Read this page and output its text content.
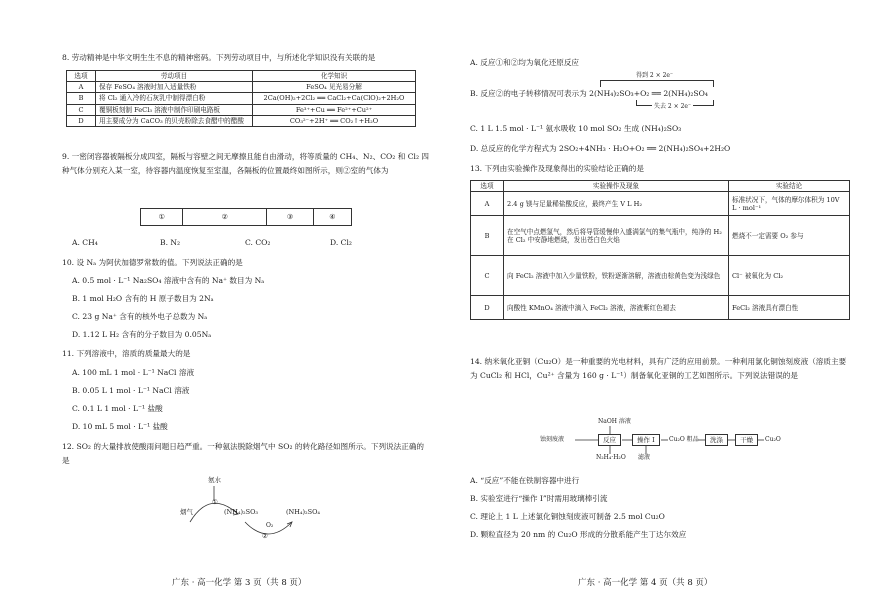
8. 劳动精神是中华文明生生不息的精神密码。下列劳动项目中，与所述化学知识没有关联的是
选项	劳动项目	化学知识
A	保存 FeSO₄ 溶液时加入适量铁粉	FeSO₄ 见光易分解
B	将 Cl₂ 通入冷的石灰乳中制得漂白粉	2Ca(OH)₂+2Cl₂ ══ CaCl₂+Ca(ClO)₂+2H₂O
C	覆铜板刻制 FeCl₃ 溶液中制作印刷电路板	Fe³⁺+Cu ══ Fe²⁺+Cu²⁺
D	用主要成分为 CaCO₃ 的贝壳粉除去食醋中的醋酸	CO₃²⁻+2H⁺ ══ CO₂↑+H₂O
9. 一密闭容器被隔板分成四室，隔板与容壁之间无摩擦且能自由滑动，将等质量的 CH₄、N₂、CO₂ 和 Cl₂ 四种气体分别充入某一室，待容器内温度恢复至室温，各隔板的位置最终如图所示，则②室的气体为
①	②	③	④
A. CH₄	B. N₂	C. CO₂	D. Cl₂
10. 设 Nₐ 为阿伏加德罗常数的值。下列说法正确的是
A. 0.5 mol · L⁻¹ Na₂SO₄ 溶液中含有的 Na⁺ 数目为 Nₐ
B. 1 mol H₂O 含有的 H 原子数目为 2Nₐ
C. 23 g Na⁺ 含有的核外电子总数为 Nₐ
D. 1.12 L H₂ 含有的分子数目为 0.05Nₐ
11. 下列溶液中，溶质的质量最大的是
A. 100 mL 1 mol · L⁻¹ NaCl 溶液
B. 0.05 L 1 mol · L⁻¹ NaCl 溶液
C. 0.1 L 1 mol · L⁻¹ 盐酸
D. 10 mL 5 mol · L⁻¹ 盐酸
12. SO₂ 的大量排放使酸雨问题日趋严重。一种氨法脱除烟气中 SO₂ 的转化路径如图所示。下列说法正确的是
氨水
烟气	(NH₄)₂SO₃	(NH₄)₂SO₄
①
②
O₂
广东 · 高一化学 第 3 页（共 8 页）
A. 反应①和②均为氧化还原反应
得到 2 × 2e⁻
B. 反应②的电子转移情况可表示为 2(NH₄)₂SO₃+O₂ ══ 2(NH₄)₂SO₄
失去 2 × 2e⁻
C. 1 L 1.5 mol · L⁻¹ 氨水吸收 10 mol SO₂ 生成 (NH₄)₂SO₃
D. 总反应的化学方程式为 2SO₂+4NH₃ · H₂O+O₂ ══ 2(NH₄)₂SO₄+2H₂O
13. 下列由实验操作及现象得出的实验结论正确的是
选项	实验操作及现象	实验结论
A	2.4 g 镁与足量稀盐酸反应，最终产生 V L H₂	标准状况下，气体的摩尔体积为 10V L · mol⁻¹
B	在空气中点燃氢气，然后将导管缓慢伸入盛满氯气的集气瓶中，纯净的 H₂ 在 Cl₂ 中安静地燃烧，发出苍白色火焰	燃烧不一定需要 O₂ 参与
C	向 FeCl₂ 溶液中加入少量铁粉，铁粉逐渐溶解，溶液由棕黄色变为浅绿色	Cl⁻ 被氧化为 Cl₂
D	向酸性 KMnO₄ 溶液中滴入 FeCl₂ 溶液，溶液紫红色褪去	FeCl₂ 溶液具有漂白性
14. 纳米氧化亚铜（Cu₂O）是一种重要的光电材料，具有广泛的应用前景。一种利用氯化铜蚀刻废液（溶质主要为 CuCl₂ 和 HCl，Cu²⁺ 含量为 160 g · L⁻¹）制备氧化亚铜的工艺如图所示。下列说法错误的是
蚀刻废液
NaOH 溶液
N₂H₄·H₂O
反应	操作 I
滤液
Cu₂O 粗品	洗涤	干燥	Cu₂O
A. “反应”不能在铁制容器中进行
B. 实验室进行“操作 I”时需用玻璃棒引流
C. 理论上 1 L 上述氯化铜蚀刻废液可制备 2.5 mol Cu₂O
D. 颗粒直径为 20 nm 的 Cu₂O 形成的分散系能产生丁达尔效应
广东 · 高一化学 第 4 页（共 8 页）
